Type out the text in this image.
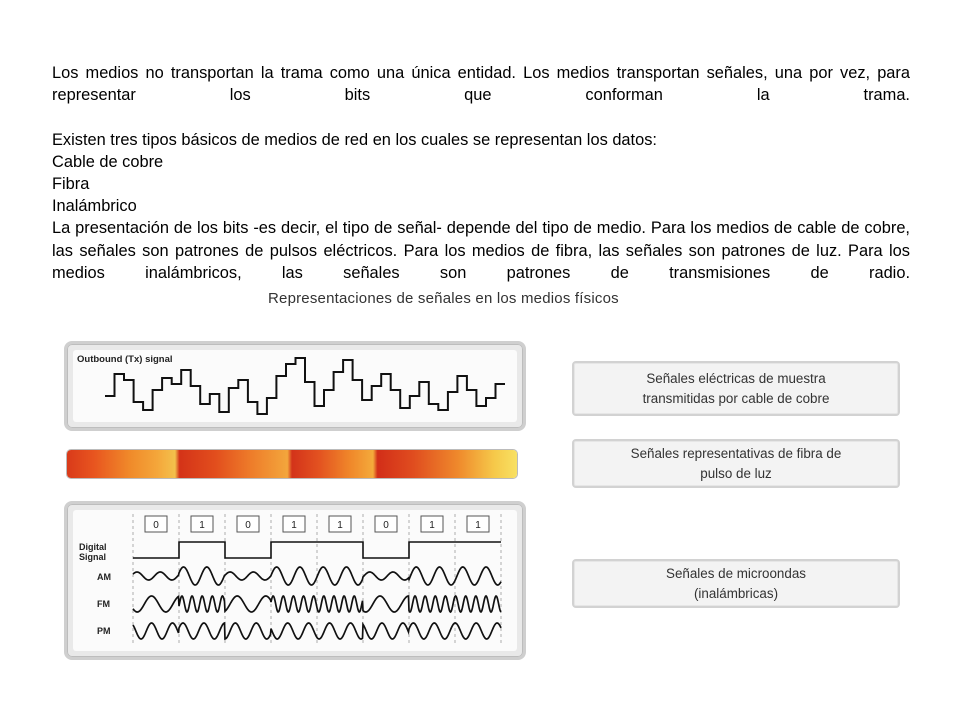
Los medios no transportan la trama como una única entidad. Los medios transportan señales, una por vez, para representar los bits que conforman la trama.

Existen tres tipos básicos de medios de red en los cuales se representan los datos:

Cable de cobre

Fibra

Inalámbrico

La presentación de los bits -es decir, el tipo de señal- depende del tipo de medio. Para los medios de cable de cobre, las señales son patrones de pulsos eléctricos. Para los medios de fibra, las señales son patrones de luz. Para los medios inalámbricos, las señales son patrones de transmisiones de radio.

Representaciones de señales en los medios físicos
Outbound (Tx) signal
0	1	0	1	1	0	1	1
Digital
Signal
AM
FM
PM
Señales eléctricas de muestra
transmitidas por cable de cobre
Señales representativas de fibra de
pulso de luz
Señales de microondas
(inalámbricas)
